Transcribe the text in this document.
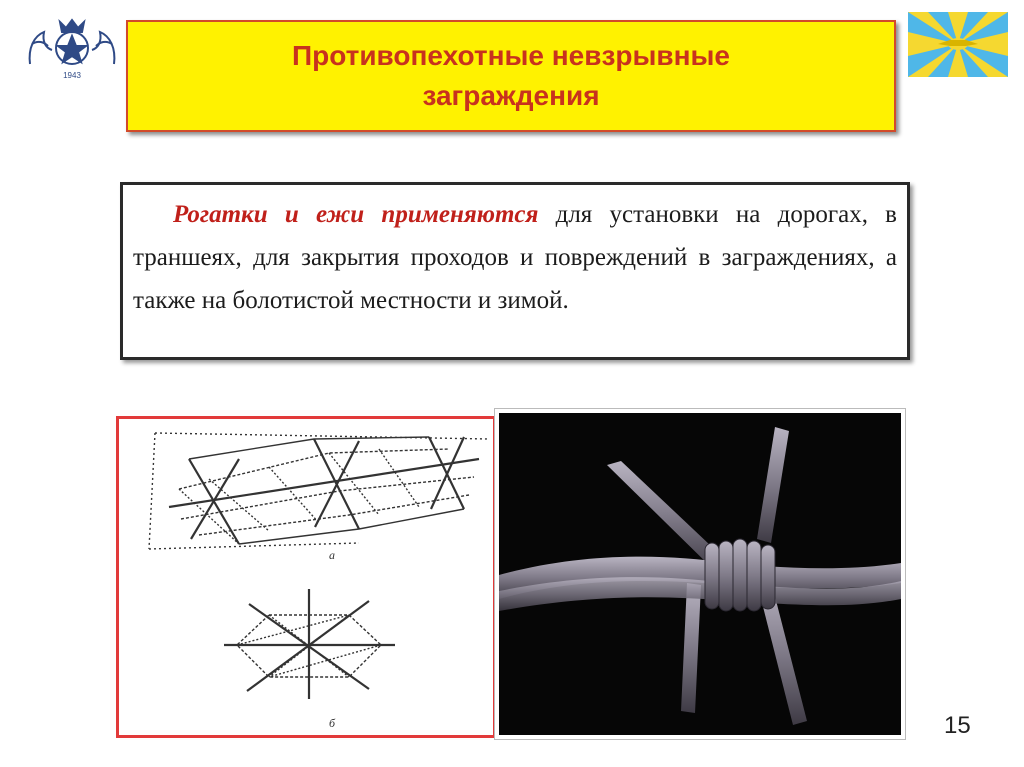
1943
Противопехотные невзрывные заграждения

Рогатки и ежи применяются для установки на дорогах, в траншеях, для закрытия проходов и повреждений в заграждениях, а также на болотистой местности и зимой.

а
б	15
